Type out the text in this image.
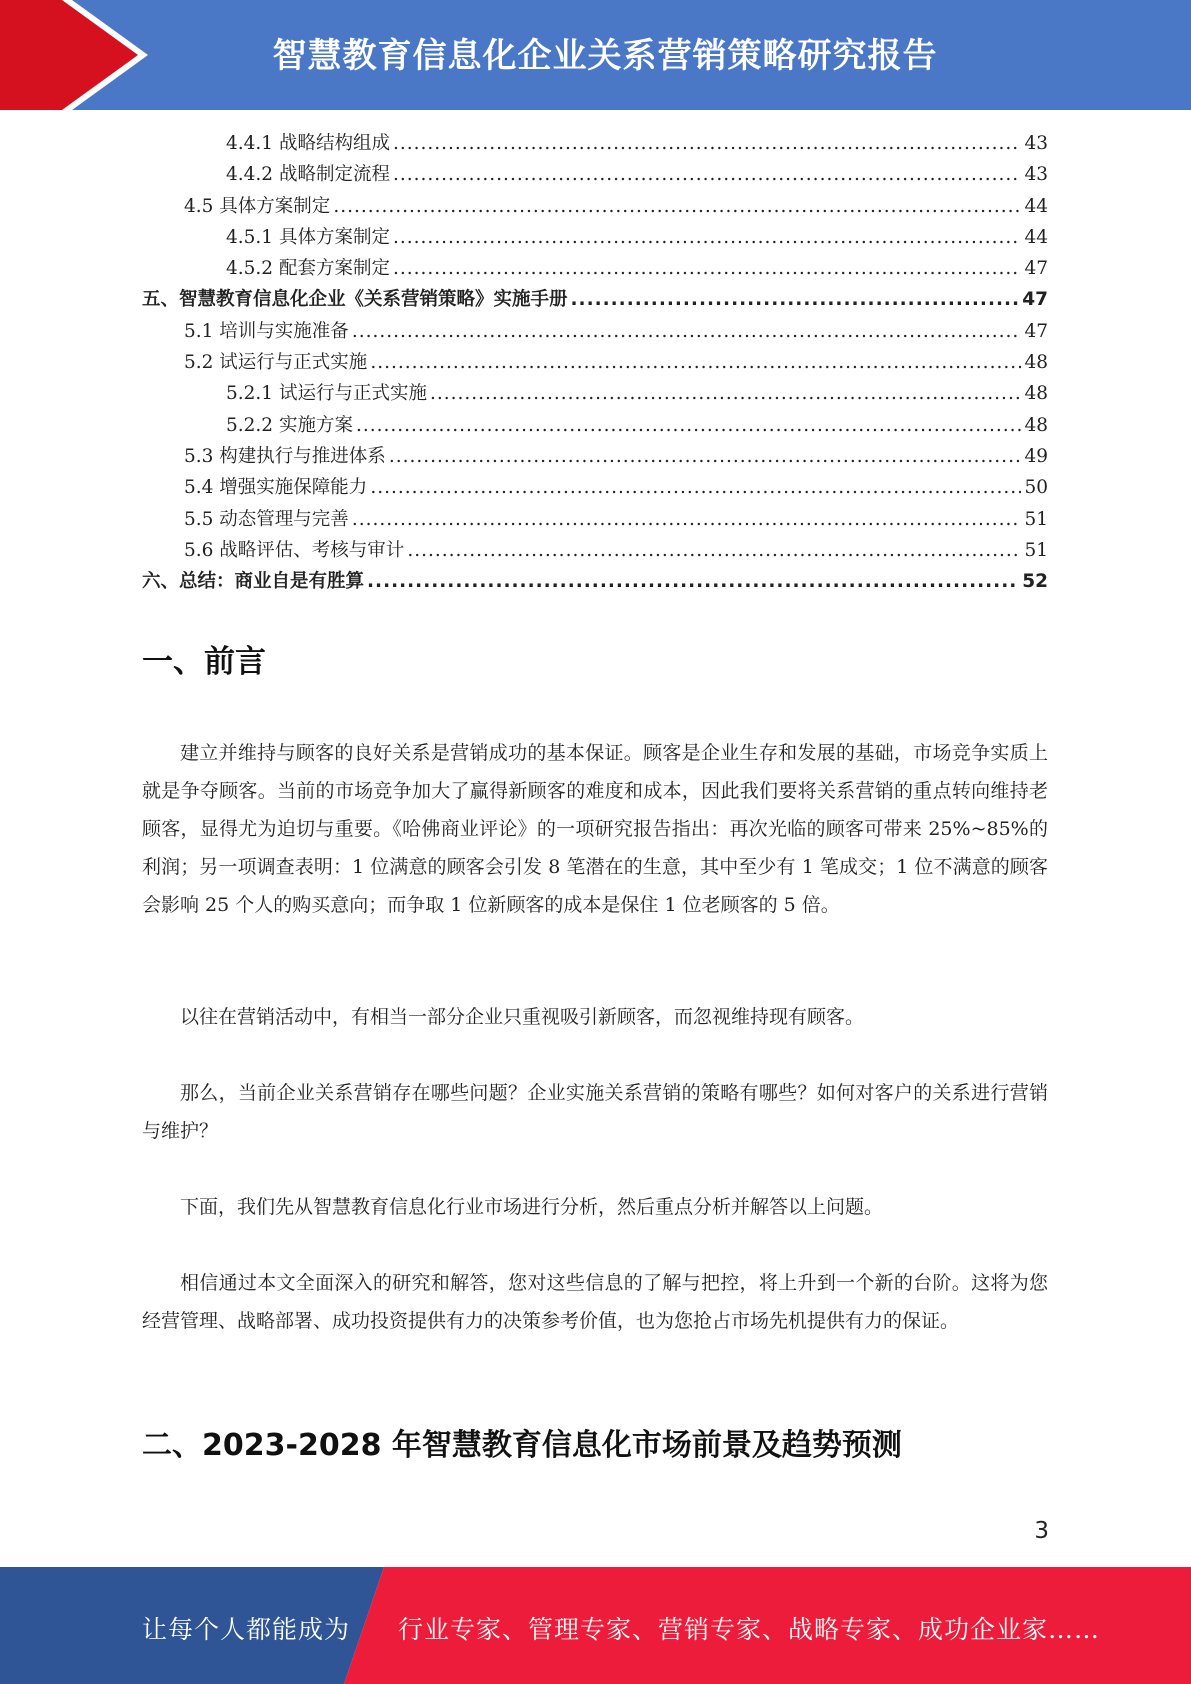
智慧教育信息化企业关系营销策略研究报告
4.4.1 战略结构组成 .....	43
4.4.2 战略制定流程 .....	43
4.5 具体方案制定 .....	44
4.5.1 具体方案制定 .....	44
4.5.2 配套方案制定 .....	47
五、智慧教育信息化企业《关系营销策略》实施手册 .....	47
5.1 培训与实施准备 .....	47
5.2 试运行与正式实施 .....	48
5.2.1 试运行与正式实施 .....	48
5.2.2 实施方案 .....	48
5.3 构建执行与推进体系 .....	49
5.4 增强实施保障能力 .....	50
5.5 动态管理与完善 .....	51
5.6 战略评估、考核与审计 .....	51
六、总结：商业自是有胜算 .....	52
一、前言

建立并维持与顾客的良好关系是营销成功的基本保证。顾客是企业生存和发展的基础，市场竞争实质上就是争夺顾客。当前的市场竞争加大了赢得新顾客的难度和成本，因此我们要将关系营销的重点转向维持老顾客，显得尤为迫切与重要。《哈佛商业评论》的一项研究报告指出：再次光临的顾客可带来 25%~85%的利润；另一项调查表明：1 位满意的顾客会引发 8 笔潜在的生意，其中至少有 1 笔成交；1 位不满意的顾客会影响 25 个人的购买意向；而争取 1 位新顾客的成本是保住 1 位老顾客的 5 倍。

以往在营销活动中，有相当一部分企业只重视吸引新顾客，而忽视维持现有顾客。

那么，当前企业关系营销存在哪些问题？企业实施关系营销的策略有哪些？如何对客户的关系进行营销与维护？

下面，我们先从智慧教育信息化行业市场进行分析，然后重点分析并解答以上问题。

相信通过本文全面深入的研究和解答，您对这些信息的了解与把控，将上升到一个新的台阶。这将为您经营管理、战略部署、成功投资提供有力的决策参考价值，也为您抢占市场先机提供有力的保证。

二、2023-2028 年智慧教育信息化市场前景及趋势预测
3
让每个人都能成为 行业专家、管理专家、营销专家、战略专家、成功企业家……
